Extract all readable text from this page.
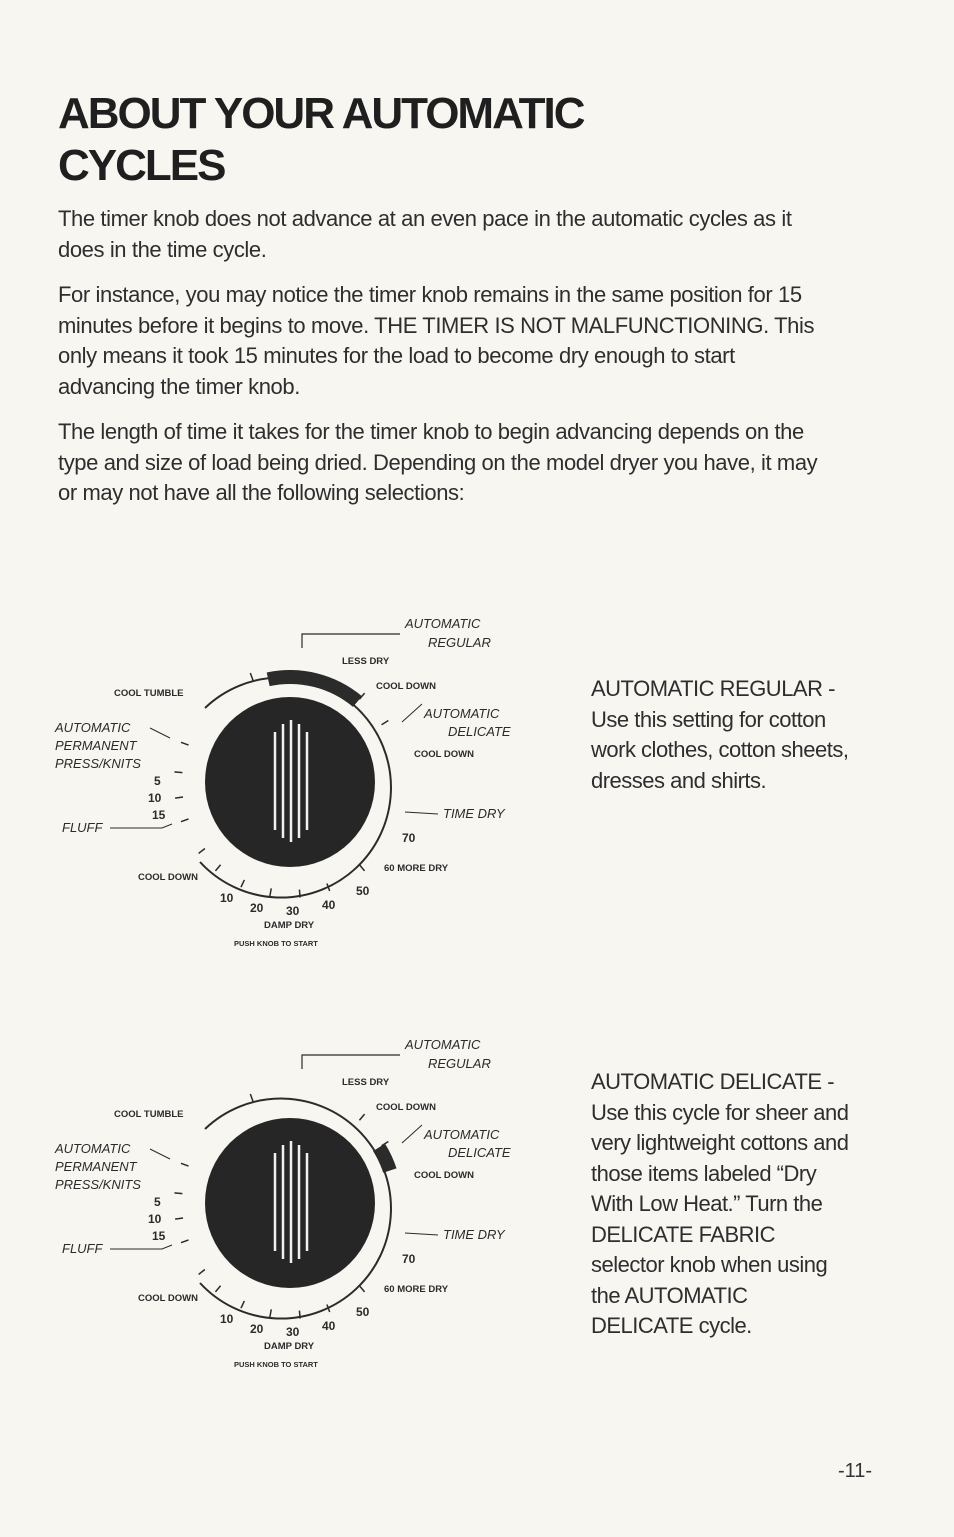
ABOUT YOUR AUTOMATIC
CYCLES

The timer knob does not advance at an even pace in the automatic cycles as it does in the time cycle.

For instance, you may notice the timer knob remains in the same position for 15 minutes before it begins to move. THE TIMER IS NOT MALFUNCTIONING. This only means it took 15 minutes for the load to become dry enough to start advancing the timer knob.

The length of time it takes for the timer knob to begin advancing depends on the type and size of load being dried. Depending on the model dryer you have, it may or may not have all the following selections:

AUTOMATIC
REGULAR
LESS DRY
COOL DOWN
AUTOMATIC
DELICATE
COOL DOWN
TIME DRY
70
60 MORE DRY
50
40
30
20
10
DAMP DRY
PUSH KNOB TO START
COOL DOWN
FLUFF
5
10
15
AUTOMATIC
PERMANENT
PRESS/KNITS
COOL TUMBLE	AUTOMATIC REGULAR - Use this setting for cotton work clothes, cotton sheets, dresses and shirts.

AUTOMATIC
REGULAR
LESS DRY
COOL DOWN
AUTOMATIC
DELICATE
COOL DOWN
TIME DRY
70
60 MORE DRY
50
40
30
20
10
DAMP DRY
PUSH KNOB TO START
COOL DOWN
FLUFF
5
10
15
AUTOMATIC
PERMANENT
PRESS/KNITS
COOL TUMBLE

AUTOMATIC DELICATE - Use this cycle for sheer and very lightweight cottons and those items labeled “Dry With Low Heat.” Turn the DELICATE FABRIC selector knob when using the AUTOMATIC DELICATE cycle.

-11-
